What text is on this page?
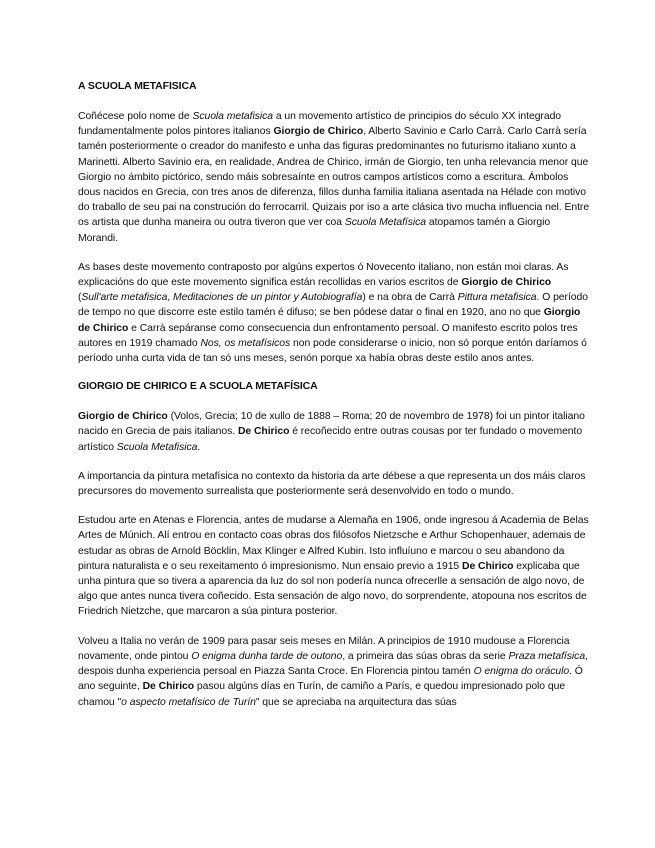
A SCUOLA METAFISICA

Coñécese polo nome de Scuola metafisica a un movemento artístico de principios do século XX integrado fundamentalmente polos pintores italianos Giorgio de Chirico, Alberto Savinio e Carlo Carrà. Carlo Carrà sería tamén posteriormente o creador do manifesto e unha das figuras predominantes no futurismo italiano xunto a Marinetti. Alberto Savinio era, en realidade, Andrea de Chirico, irmán de Giorgio, ten unha relevancia menor que Giorgio no ámbito pictórico, sendo máis sobresaínte en outros campos artísticos como a escritura. Ámbolos dous nacidos en Grecia, con tres anos de diferenza, fillos dunha familia italiana asentada na Hélade con motivo do traballo de seu pai na construción do ferrocarril. Quizais por iso a arte clásica tivo mucha influencia nel. Entre os artista que dunha maneira ou outra tiveron que ver coa Scuola Metafísica atopamos tamén a Giorgio Morandi.

As bases deste movemento contraposto por algúns expertos ó Novecento italiano, non están moi claras. As explicacións do que este movemento significa están recollidas en varios escritos de Giorgio de Chirico (Sull'arte metafisica, Meditaciones de un pintor y Autobiografía) e na obra de Carrà Pittura metafisica. O período de tempo no que discorre este estilo tamén é difuso; se ben pódese datar o final en 1920, ano no que Giorgio de Chirico e Carrà sepáranse como consecuencia dun enfrontamento persoal. O manifesto escrito polos tres autores en 1919 chamado Nos, os metafísicos non pode considerarse o inicio, non só porque entón daríamos ó período unha curta vida de tan só uns meses, senón porque xa había obras deste estilo anos antes.

GIORGIO DE CHIRICO E A SCUOLA METAFÍSICA

Giorgio de Chirico (Volos, Grecia; 10 de xullo de 1888 – Roma; 20 de novembro de 1978) foi un pintor italiano nacido en Grecia de pais italianos. De Chirico é recoñecido entre outras cousas por ter fundado o movemento artístico Scuola Metafisica.

A importancia da pintura metafísica no contexto da historia da arte débese a que representa un dos máis claros precursores do movemento surrealista que posteriormente será desenvolvido en todo o mundo.

Estudou arte en Atenas e Florencia, antes de mudarse a Alemaña en 1906, onde ingresou á Academia de Belas Artes de Múnich. Alí entrou en contacto coas obras dos filósofos Nietzsche e Arthur Schopenhauer, ademais de estudar as obras de Arnold Böcklin, Max Klinger e Alfred Kubin. Isto influíuno e marcou o seu abandono da pintura naturalista e o seu rexeitamento ó impresionismo. Nun ensaio previo a 1915 De Chirico explicaba que unha pintura que so tivera a aparencia da luz do sol non podería nunca ofrecerlle a sensación de algo novo, de algo que antes nunca tivera coñecido. Esta sensación de algo novo, do sorprendente, atopouna nos escritos de Friedrich Nietzche, que marcaron a súa pintura posterior.

Volveu a Italia no verán de 1909 para pasar seis meses en Milán. A principios de 1910 mudouse a Florencia novamente, onde pintou O enigma dunha tarde de outono, a primeira das súas obras da serie Praza metafísica, despois dunha experiencia persoal en Piazza Santa Croce. En Florencia pintou tamén O enigma do oráculo. Ó ano seguinte, De Chirico pasou algúns días en Turín, de camiño a París, e quedou impresionado polo que chamou "o aspecto metafísico de Turín" que se apreciaba na arquitectura das súas
